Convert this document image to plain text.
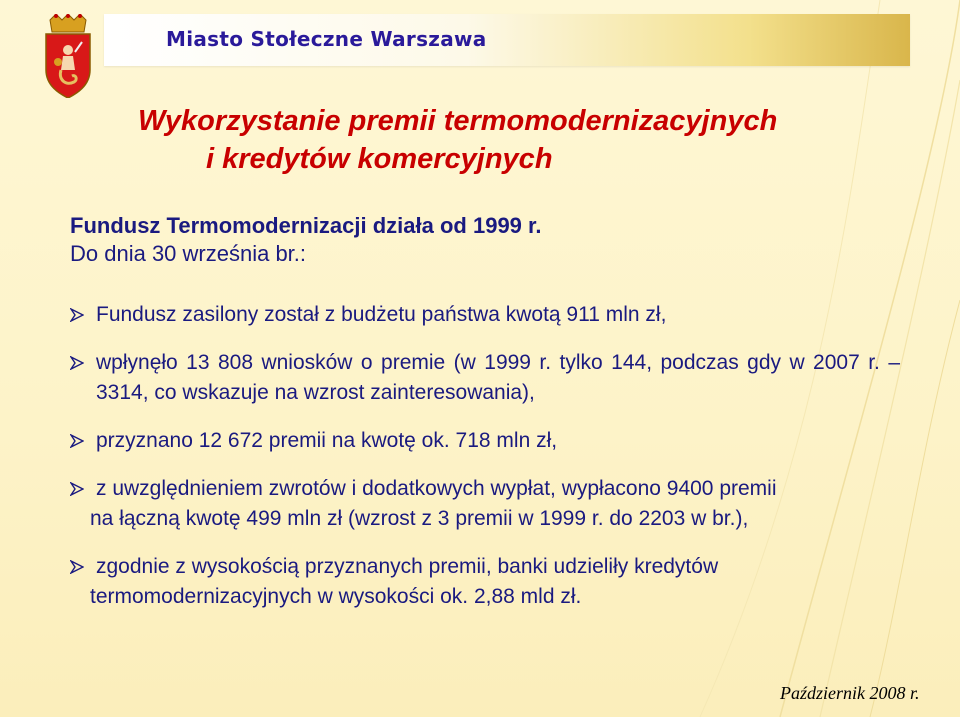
Miasto Stołeczne Warszawa
Wykorzystanie premii termomodernizacyjnych
i kredytów komercyjnych
Fundusz Termomodernizacji działa od 1999 r.
Do dnia 30 września br.:
Fundusz zasilony został z budżetu państwa kwotą 911 mln zł,
wpłynęło 13 808 wniosków o premie (w 1999 r. tylko 144, podczas gdy w 2007 r. – 3314, co wskazuje na wzrost zainteresowania),
przyznano 12 672 premii na kwotę ok. 718 mln zł,
z uwzględnieniem zwrotów i dodatkowych wypłat, wypłacono 9400 premii
na łączną kwotę 499 mln zł (wzrost z 3 premii w 1999 r. do 2203 w br.),
zgodnie z wysokością przyznanych premii, banki udzieliły kredytów
termomodernizacyjnych w wysokości ok. 2,88 mld zł.
Październik 2008 r.
